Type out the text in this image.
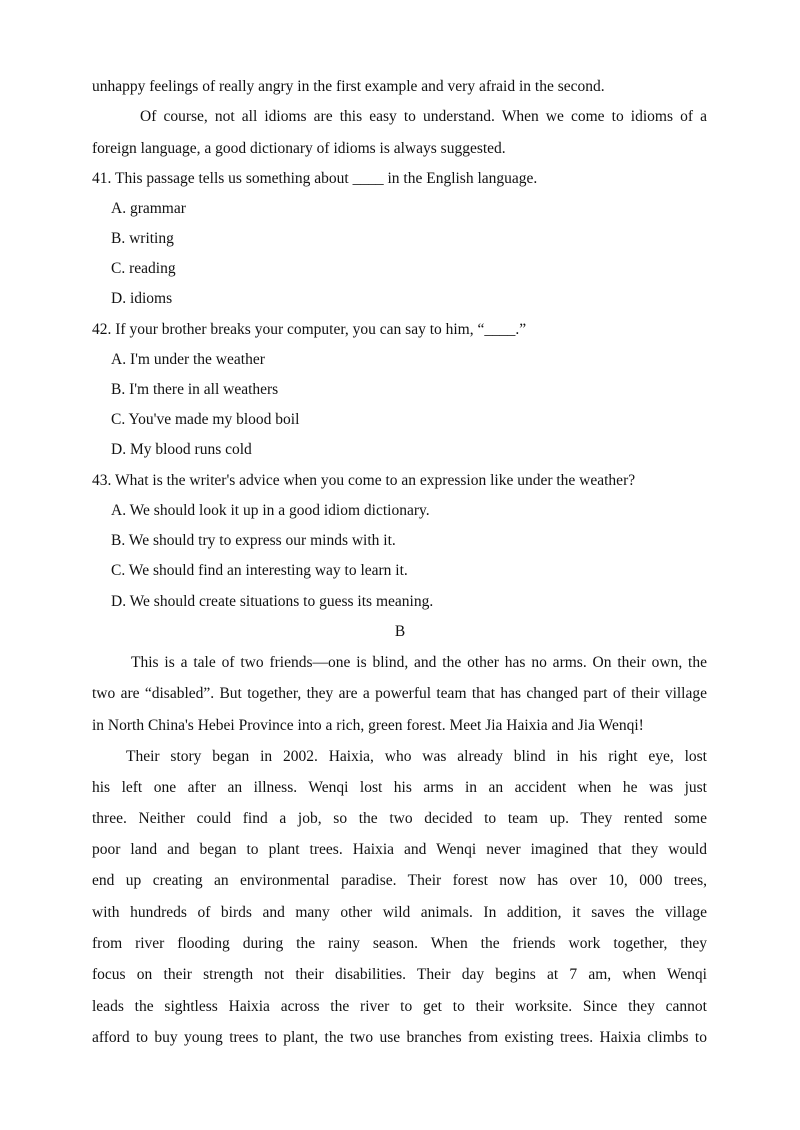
unhappy feelings of really angry in the first example and very afraid in the second.
Of course, not all idioms are this easy to understand. When we come to idioms of a
foreign language, a good dictionary of idioms is always suggested.
41. This passage tells us something about ____ in the English language.
A. grammar
B. writing
C. reading
D. idioms
42. If your brother breaks your computer, you can say to him, “____.”
A. I'm under the weather
B. I'm there in all weathers
C. You've made my blood boil
D. My blood runs cold
43. What is the writer's advice when you come to an expression like under the weather?
A. We should look it up in a good idiom dictionary.
B. We should try to express our minds with it.
C. We should find an interesting way to learn it.
D. We should create situations to guess its meaning.
B
This is a tale of two friends—one is blind, and the other has no arms. On their own, the
two are “disabled”. But together, they are a powerful team that has changed part of their village
in North China's Hebei Province into a rich, green forest. Meet Jia Haixia and Jia Wenqi!
Their story began in 2002. Haixia, who was already blind in his right eye, lost
his left one after an illness. Wenqi lost his arms in an accident when he was just
three. Neither could find a job, so the two decided to team up. They rented some
poor land and began to plant trees. Haixia and Wenqi never imagined that they would
end up creating an environmental paradise. Their forest now has over 10, 000 trees,
with hundreds of birds and many other wild animals. In addition, it saves the village
from river flooding during the rainy season. When the friends work together, they
focus on their strength not their disabilities. Their day begins at 7 am, when Wenqi
leads the sightless Haixia across the river to get to their worksite. Since they cannot
afford to buy young trees to plant, the two use branches from existing trees. Haixia climbs to
